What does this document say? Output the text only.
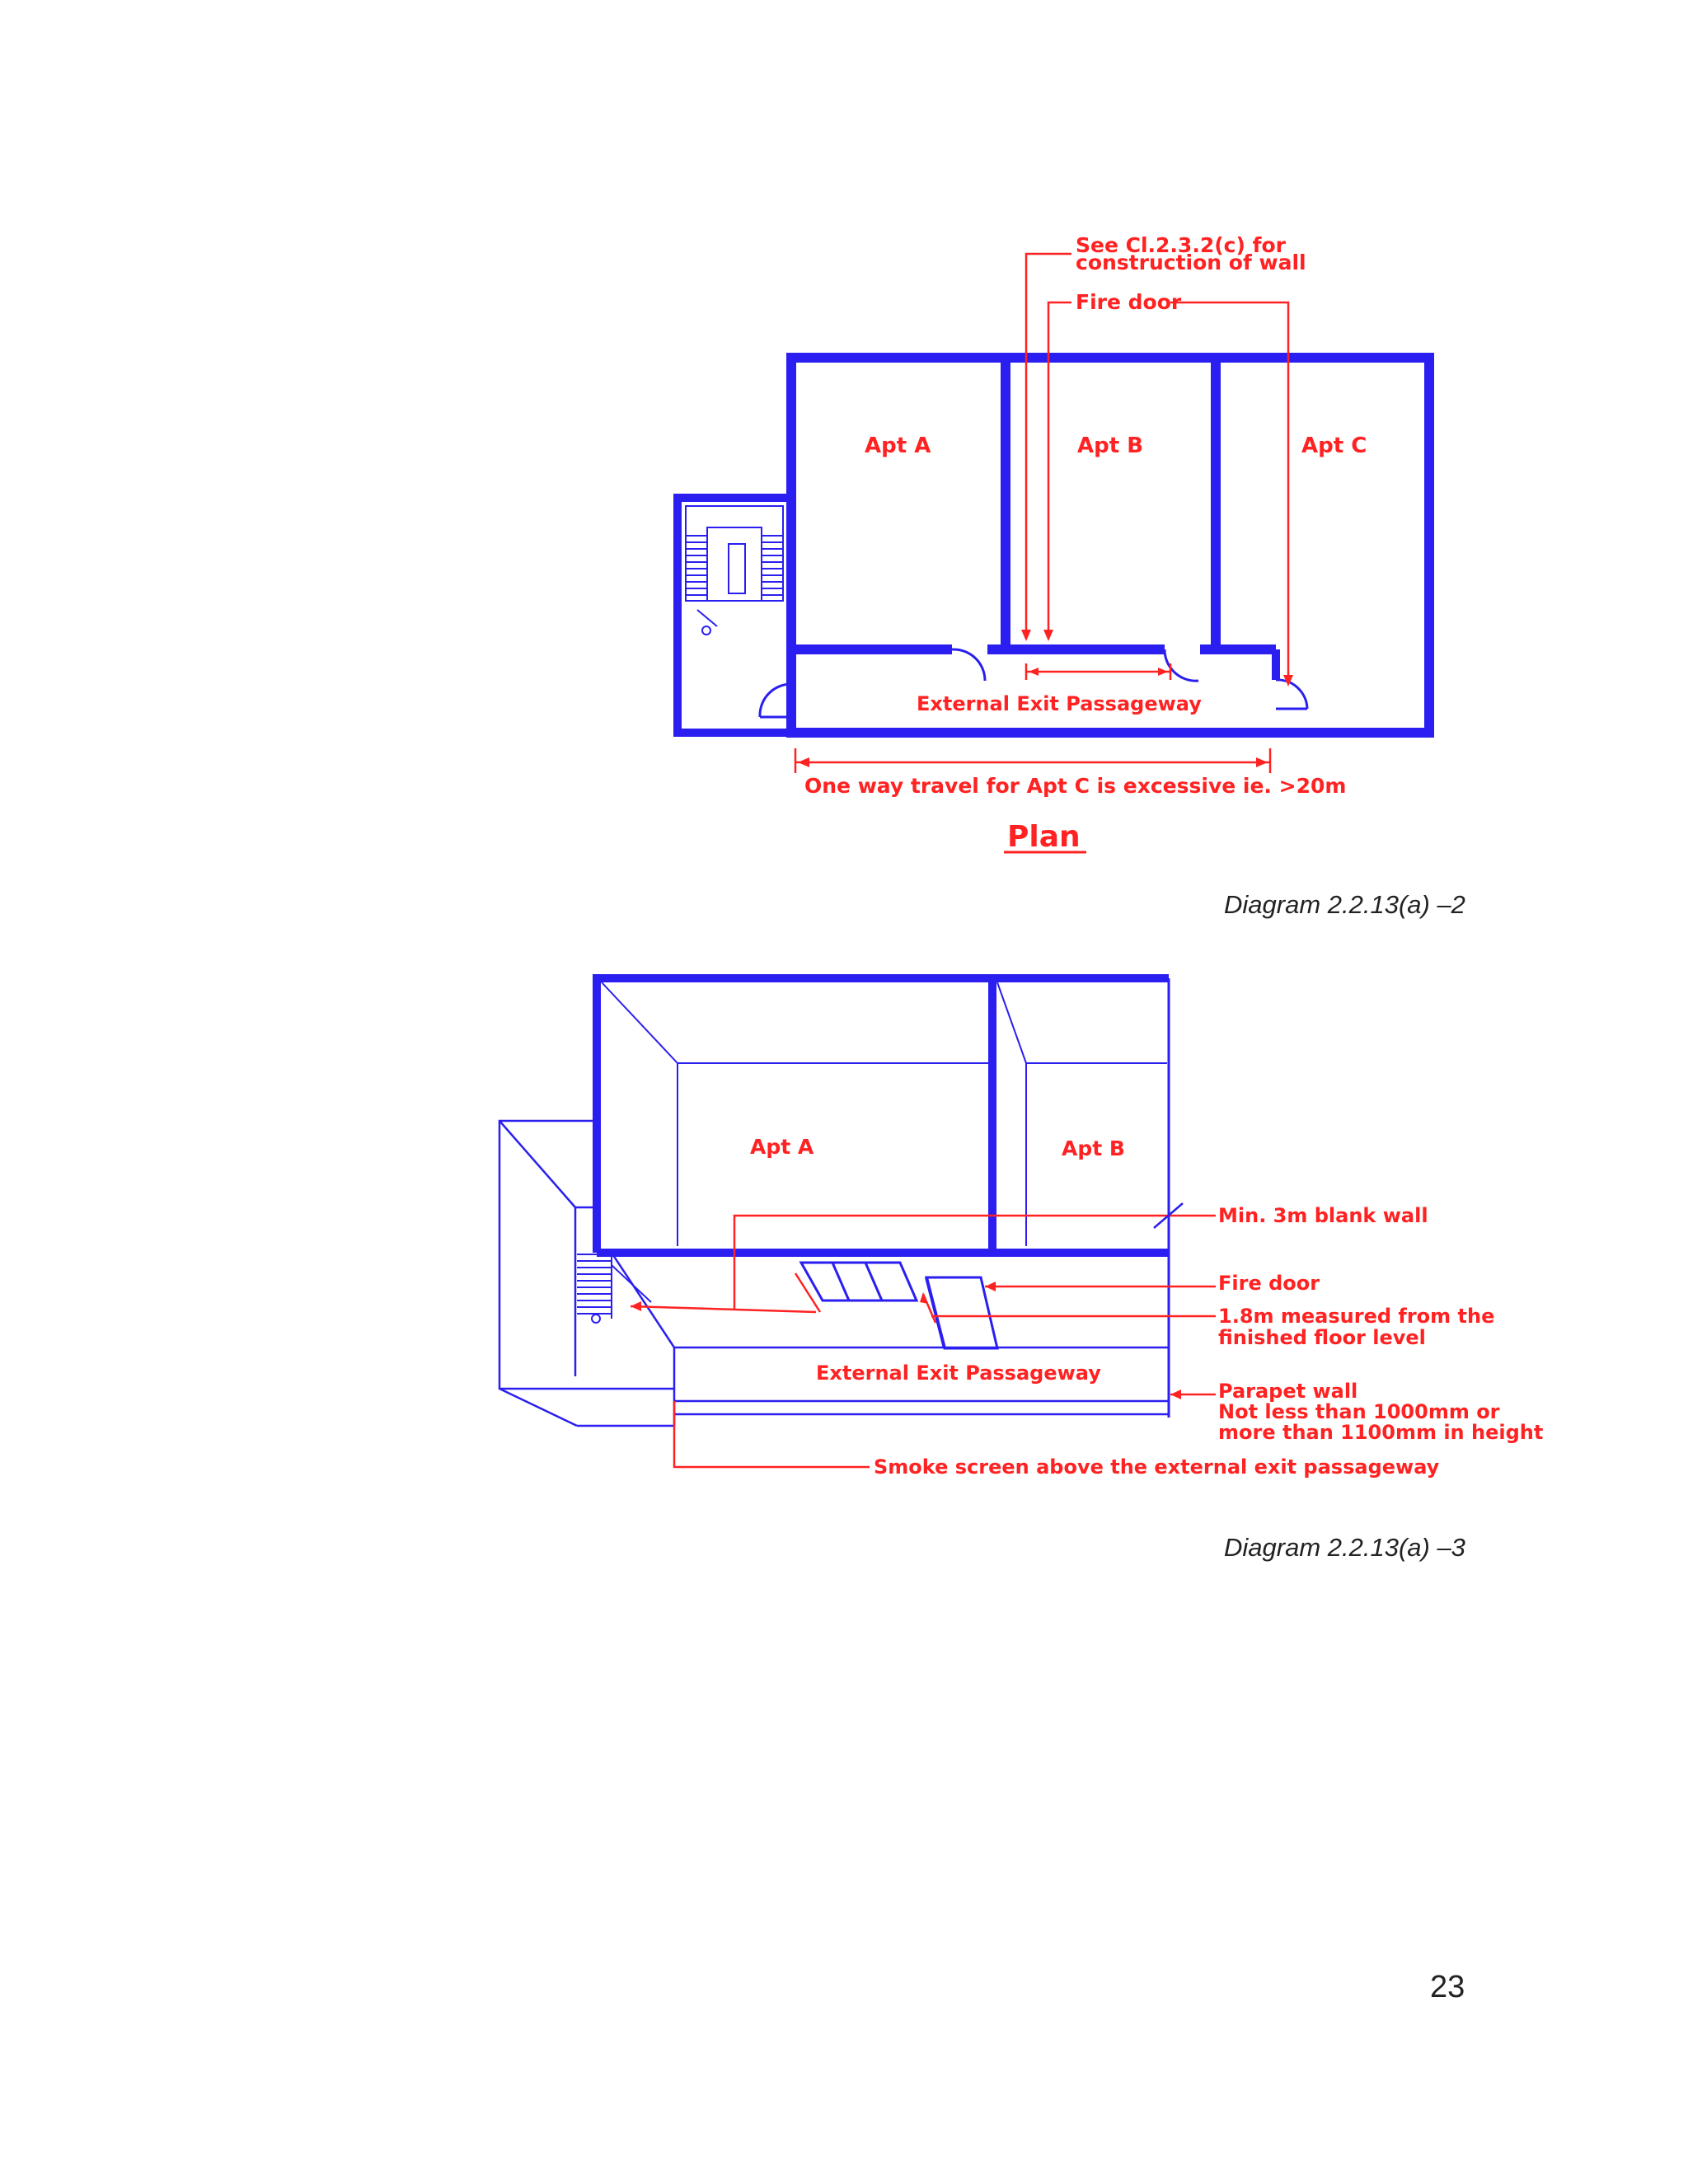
See Cl.2.3.2(c) for
construction of wall
Fire door
Apt A	Apt B	Apt C
External Exit Passageway
One way travel for Apt C is excessive ie. >20m
Plan
Diagram 2.2.13(a) –2
Apt A	Apt B
Min. 3m blank wall
Fire door
1.8m measured from the
finished floor level
External Exit Passageway
Parapet wall
Not less than 1000mm or
more than 1100mm in height
Smoke screen above the external exit passageway
Diagram 2.2.13(a) –3
23
